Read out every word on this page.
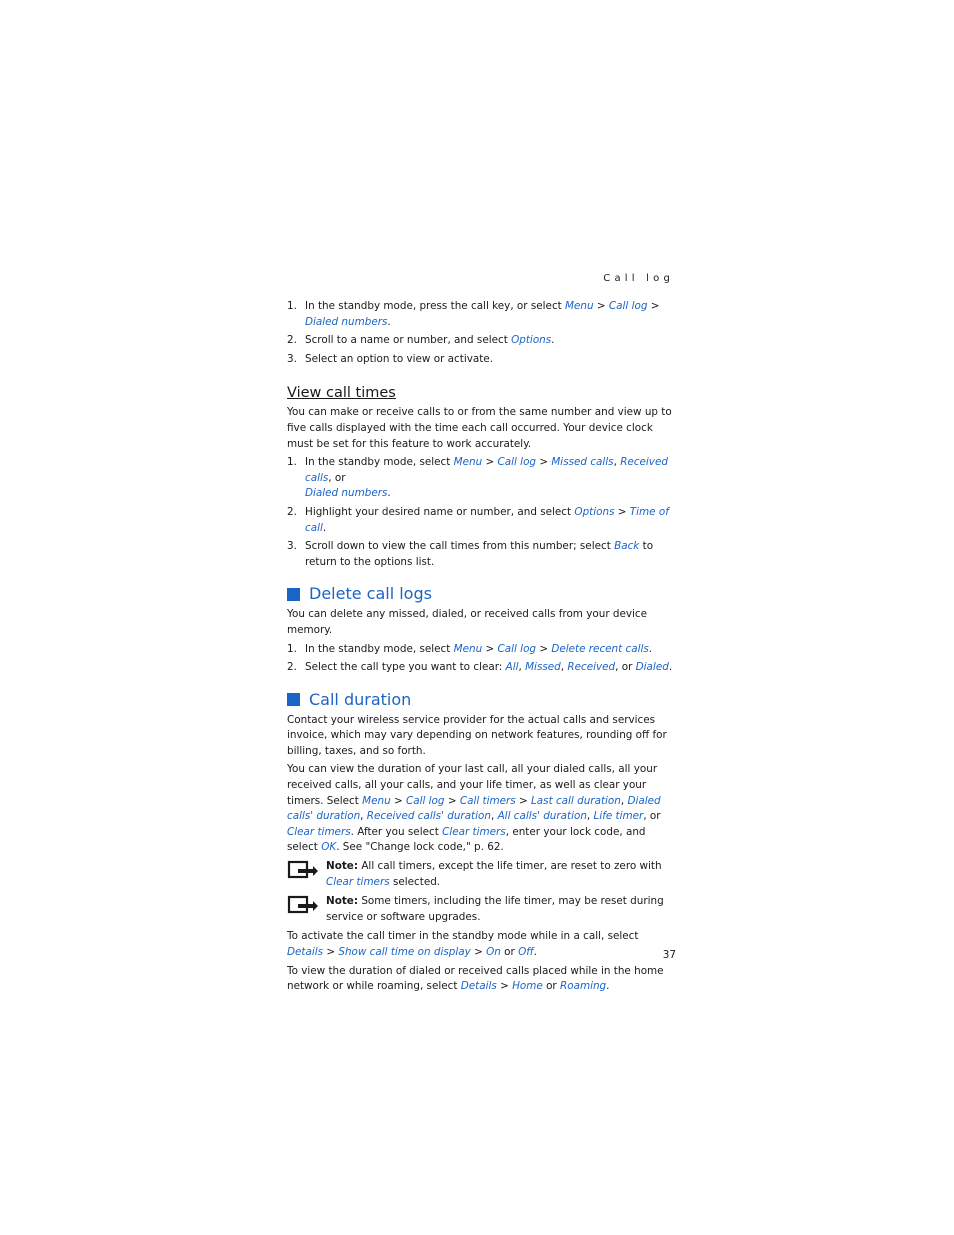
Call log
1. In the standby mode, press the call key, or select Menu > Call log >
Dialed numbers.
2. Scroll to a name or number, and select Options.
3. Select an option to view or activate.
View call times

You can make or receive calls to or from the same number and view up to five calls displayed with the time each call occurred. Your device clock must be set for this feature to work accurately.

1. In the standby mode, select Menu > Call log > Missed calls, Received calls, or
Dialed numbers.
2. Highlight your desired name or number, and select Options > Time of call.
3. Scroll down to view the call times from this number; select Back to return to the options list.
Delete call logs

You can delete any missed, dialed, or received calls from your device memory.

1. In the standby mode, select Menu > Call log > Delete recent calls.
2. Select the call type you want to clear: All, Missed, Received, or Dialed.
Call duration

Contact your wireless service provider for the actual calls and services invoice, which may vary depending on network features, rounding off for billing, taxes, and so forth.

You can view the duration of your last call, all your dialed calls, all your received calls, all your calls, and your life timer, as well as clear your timers. Select Menu > Call log > Call timers > Last call duration, Dialed calls' duration, Received calls' duration, All calls' duration, Life timer, or Clear timers. After you select Clear timers, enter your lock code, and select OK. See "Change lock code," p. 62.

Note: All call timers, except the life timer, are reset to zero with Clear timers selected.
Note: Some timers, including the life timer, may be reset during service or software upgrades.

To activate the call timer in the standby mode while in a call, select Details > Show call time on display > On or Off.

To view the duration of dialed or received calls placed while in the home network or while roaming, select Details > Home or Roaming.

37
